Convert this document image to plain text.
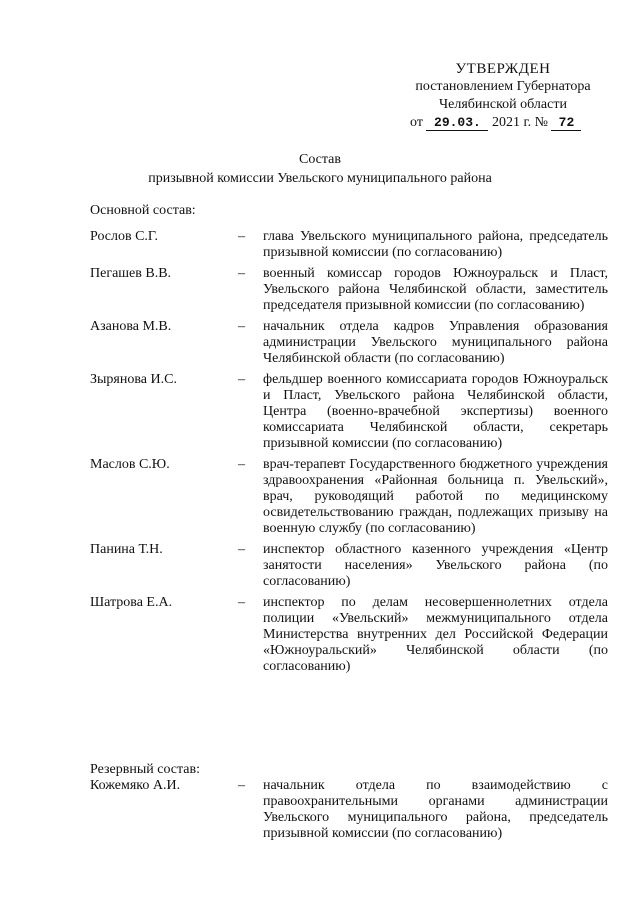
УТВЕРЖДЕН
постановлением Губернатора
Челябинской области
от 29.03. 2021 г. № 72
Состав
призывной комиссии Увельского муниципального района
Основной состав:
Рослов С.Г.	–	глава Увельского муниципального района, председатель призывной комиссии (по согласованию)
Пегашев В.В.	–	военный комиссар городов Южноуральск и Пласт, Увельского района Челябинской области, заместитель председателя призывной комиссии (по согласованию)
Азанова М.В.	–	начальник отдела кадров Управления образования администрации Увельского муниципального района Челябинской области (по согласованию)
Зырянова И.С.	–	фельдшер военного комиссариата городов Южноуральск и Пласт, Увельского района Челябинской области, Центра (военно-врачебной экспертизы) военного комиссариата Челябинской области, секретарь призывной комиссии (по согласованию)
Маслов С.Ю.	–	врач-терапевт Государственного бюджетного учреждения здравоохранения «Районная больница п. Увельский», врач, руководящий работой по медицинскому освидетельствованию граждан, подлежащих призыву на военную службу (по согласованию)
Панина Т.Н.	–	инспектор областного казенного учреждения «Центр занятости населения» Увельского района (по согласованию)
Шатрова Е.А.	–	инспектор по делам несовершеннолетних отдела полиции «Увельский» межмуниципального отдела Министерства внутренних дел Российской Федерации «Южноуральский» Челябинской области (по согласованию)
Резервный состав:
Кожемяко А.И.	–	начальник отдела по взаимодействию с правоохранительными органами администрации Увельского муниципального района, председатель призывной комиссии (по согласованию)
